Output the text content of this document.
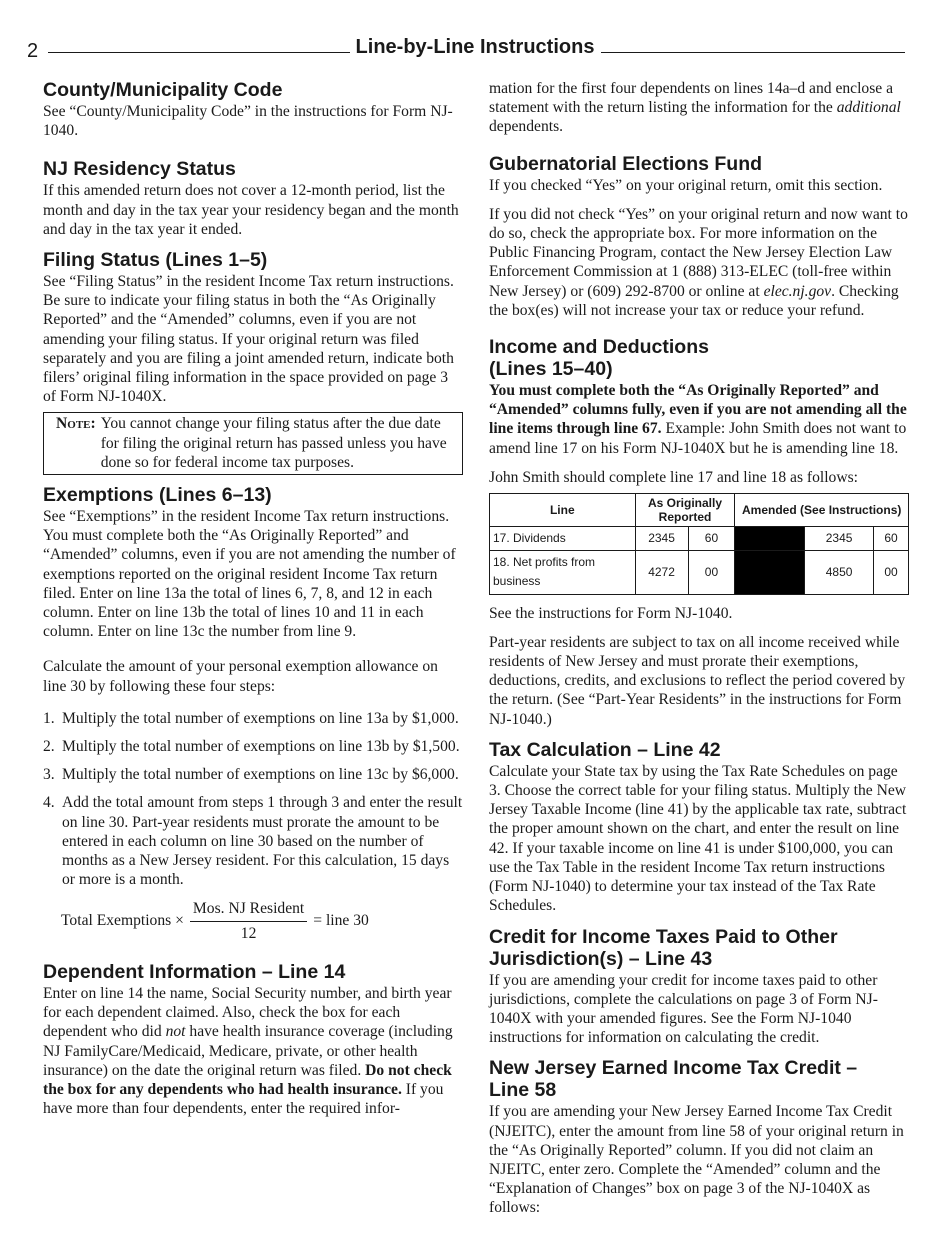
2	Line-by-Line Instructions
County/Municipality Code

See “County/Municipality Code” in the instructions for Form NJ-1040.

NJ Residency Status

If this amended return does not cover a 12-month period, list the month and day in the tax year your residency began and the month and day in the tax year it ended.

Filing Status (Lines 1–5)

See “Filing Status” in the resident Income Tax return instructions. Be sure to indicate your filing status in both the “As Originally Reported” and the “Amended” columns, even if you are not amending your filing status. If your original return was filed separately and you are filing a joint amended return, indicate both filers’ original filing information in the space provided on page 3 of Form NJ-1040X.

Note: You cannot change your filing status after the due date for filing the original return has passed unless you have done so for federal income tax purposes.
Exemptions (Lines 6–13)

See “Exemptions” in the resident Income Tax return instructions. You must complete both the “As Originally Reported” and “Amended” columns, even if you are not amending the number of exemptions reported on the original resident Income Tax return filed. Enter on line 13a the total of lines 6, 7, 8, and 12 in each column. Enter on line 13b the total of lines 10 and 11 in each column. Enter on line 13c the number from line 9.

Calculate the amount of your personal exemption allowance on line 30 by following these four steps:

1. Multiply the total number of exemptions on line 13a by $1,000.
2. Multiply the total number of exemptions on line 13b by $1,500.
3. Multiply the total number of exemptions on line 13c by $6,000.
4. Add the total amount from steps 1 through 3 and enter the result on line 30. Part-year residents must prorate the amount to be entered in each column on line 30 based on the number of months as a New Jersey resident. For this calculation, 15 days or more is a month.
Total Exemptions × $\frac{\text{Mos. NJ Resident}}{12}$ = line 30
Dependent Information – Line 14

Enter on line 14 the name, Social Security number, and birth year for each dependent claimed. Also, check the box for each dependent who did not have health insurance coverage (including NJ FamilyCare/Medicaid, Medicare, private, or other health insurance) on the date the original return was filed. Do not check the box for any dependents who had health insurance. If you have more than four dependents, enter the required infor-

mation for the first four dependents on lines 14a–d and enclose a statement with the return listing the information for the additional dependents.

Gubernatorial Elections Fund

If you checked “Yes” on your original return, omit this section.

If you did not check “Yes” on your original return and now want to do so, check the appropriate box. For more information on the Public Financing Program, contact the New Jersey Election Law Enforcement Commission at 1 (888) 313-ELEC (toll-free within New Jersey) or (609) 292-8700 or online at elec.nj.gov. Checking the box(es) will not increase your tax or reduce your refund.

Income and Deductions
(Lines 15–40)

You must complete both the “As Originally Reported” and “Amended” columns fully, even if you are not amending all the line items through line 67. Example: John Smith does not want to amend line 17 on his Form NJ-1040X but he is amending line 18.

John Smith should complete line 17 and line 18 as follows:

Line	As Originally Reported		Amended (See Instructions)		
17. Dividends	2345	60		2345	60
18. Net profits from business	4272	00		4850	00

See the instructions for Form NJ-1040.

Part-year residents are subject to tax on all income received while residents of New Jersey and must prorate their exemptions, deductions, credits, and exclusions to reflect the period covered by the return. (See “Part-Year Residents” in the instructions for Form NJ-1040.)

Tax Calculation – Line 42

Calculate your State tax by using the Tax Rate Schedules on page 3. Choose the correct table for your filing status. Multiply the New Jersey Taxable Income (line 41) by the applicable tax rate, subtract the proper amount shown on the chart, and enter the result on line 42. If your taxable income on line 41 is under $100,000, you can use the Tax Table in the resident Income Tax return instructions (Form NJ-1040) to determine your tax instead of the Tax Rate Schedules.

Credit for Income Taxes Paid to Other
Jurisdiction(s) – Line 43

If you are amending your credit for income taxes paid to other jurisdictions, complete the calculations on page 3 of Form NJ-1040X with your amended figures. See the Form NJ-1040 instructions for information on calculating the credit.

New Jersey Earned Income Tax Credit –
Line 58

If you are amending your New Jersey Earned Income Tax Credit (NJEITC), enter the amount from line 58 of your original return in the “As Originally Reported” column. If you did not claim an NJEITC, enter zero. Complete the “Amended” column and the “Explanation of Changes” box on page 3 of the NJ-1040X as follows:
